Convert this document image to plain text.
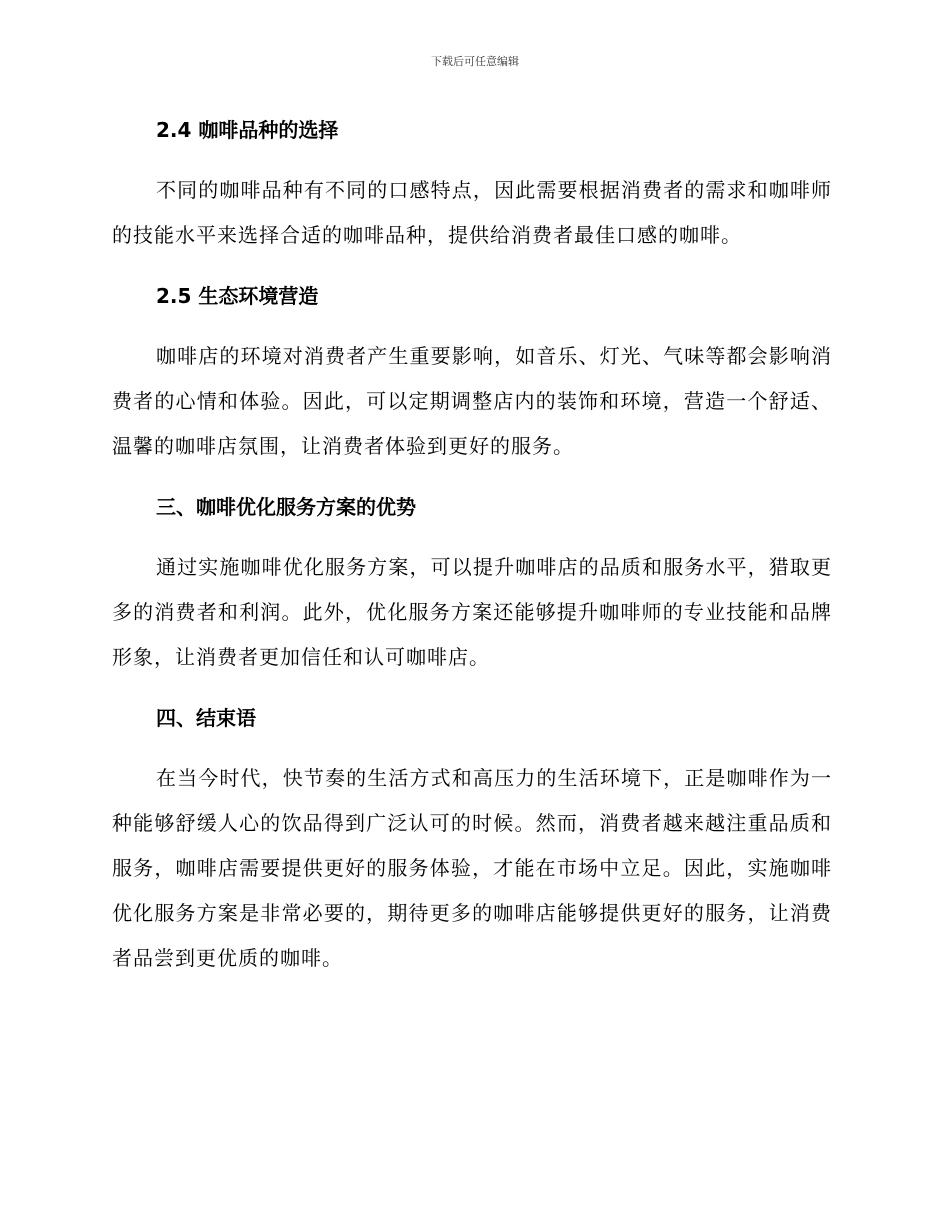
下载后可任意编辑
2.4 咖啡品种的选择

不同的咖啡品种有不同的口感特点，因此需要根据消费者的需求和咖啡师的技能水平来选择合适的咖啡品种，提供给消费者最佳口感的咖啡。

2.5 生态环境营造

咖啡店的环境对消费者产生重要影响，如音乐、灯光、气味等都会影响消费者的心情和体验。因此，可以定期调整店内的装饰和环境，营造一个舒适、温馨的咖啡店氛围，让消费者体验到更好的服务。

三、咖啡优化服务方案的优势

通过实施咖啡优化服务方案，可以提升咖啡店的品质和服务水平，猎取更多的消费者和利润。此外，优化服务方案还能够提升咖啡师的专业技能和品牌形象，让消费者更加信任和认可咖啡店。

四、结束语

在当今时代，快节奏的生活方式和高压力的生活环境下，正是咖啡作为一种能够舒缓人心的饮品得到广泛认可的时候。然而，消费者越来越注重品质和服务，咖啡店需要提供更好的服务体验，才能在市场中立足。因此，实施咖啡优化服务方案是非常必要的，期待更多的咖啡店能够提供更好的服务，让消费者品尝到更优质的咖啡。
